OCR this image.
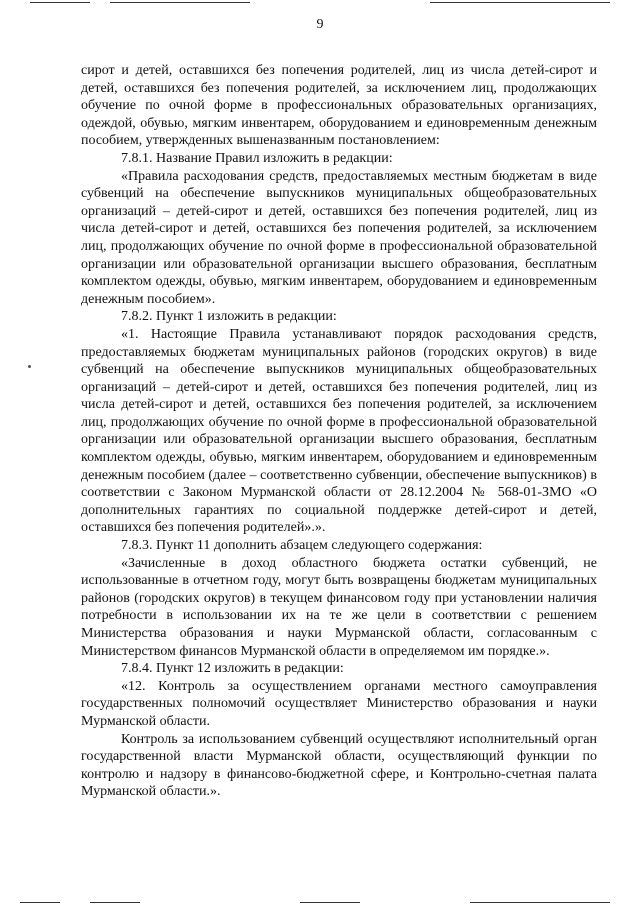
9

сирот и детей, оставшихся без попечения родителей, лиц из числа детей-сирот и детей, оставшихся без попечения родителей, за исключением лиц, продолжающих обучение по очной форме в профессиональных образовательных организациях, одеждой, обувью, мягким инвентарем, оборудованием и единовременным денежным пособием, утвержденных вышеназванным постановлением:

7.8.1. Название Правил изложить в редакции:

«Правила расходования средств, предоставляемых местным бюджетам в виде субвенций на обеспечение выпускников муниципальных общеобразовательных организаций – детей-сирот и детей, оставшихся без попечения родителей, лиц из числа детей-сирот и детей, оставшихся без попечения родителей, за исключением лиц, продолжающих обучение по очной форме в профессиональной образовательной организации или образовательной организации высшего образования, бесплатным комплектом одежды, обувью, мягким инвентарем, оборудованием и единовременным денежным пособием».

7.8.2. Пункт 1 изложить в редакции:

«1. Настоящие Правила устанавливают порядок расходования средств, предоставляемых бюджетам муниципальных районов (городских округов) в виде субвенций на обеспечение выпускников муниципальных общеобразовательных организаций – детей-сирот и детей, оставшихся без попечения родителей, лиц из числа детей-сирот и детей, оставшихся без попечения родителей, за исключением лиц, продолжающих обучение по очной форме в профессиональной образовательной организации или образовательной организации высшего образования, бесплатным комплектом одежды, обувью, мягким инвентарем, оборудованием и единовременным денежным пособием (далее – соответственно субвенции, обеспечение выпускников) в соответствии с Законом Мурманской области от 28.12.2004 № 568-01-ЗМО «О дополнительных гарантиях по социальной поддержке детей-сирот и детей, оставшихся без попечения родителей».».

7.8.3. Пункт 11 дополнить абзацем следующего содержания:

«Зачисленные в доход областного бюджета остатки субвенций, не использованные в отчетном году, могут быть возвращены бюджетам муниципальных районов (городских округов) в текущем финансовом году при установлении наличия потребности в использовании их на те же цели в соответствии с решением Министерства образования и науки Мурманской области, согласованным с Министерством финансов Мурманской области в определяемом им порядке.».

7.8.4. Пункт 12 изложить в редакции:

«12. Контроль за осуществлением органами местного самоуправления государственных полномочий осуществляет Министерство образования и науки Мурманской области.

Контроль за использованием субвенций осуществляют исполнительный орган государственной власти Мурманской области, осуществляющий функции по контролю и надзору в финансово-бюджетной сфере, и Контрольно-счетная палата Мурманской области.».
